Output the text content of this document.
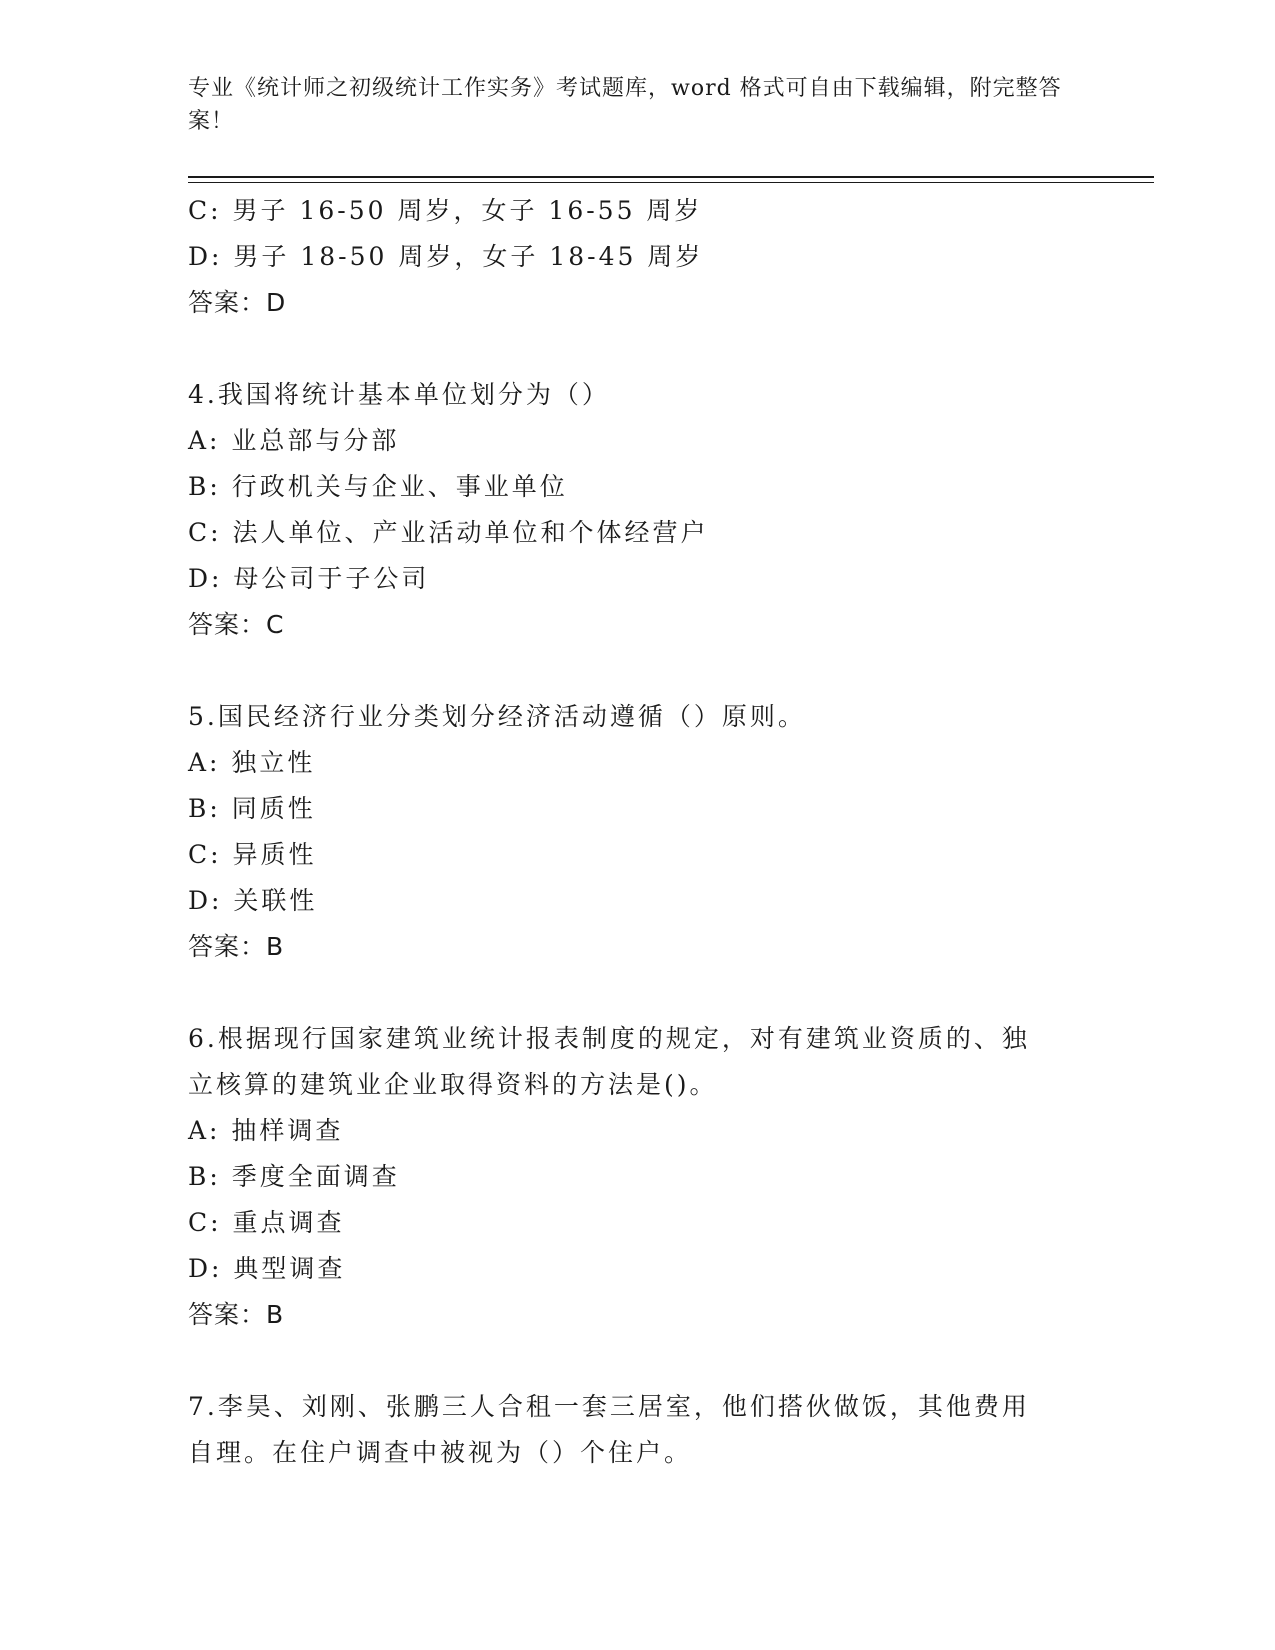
专业《统计师之初级统计工作实务》考试题库，word 格式可自由下载编辑，附完整答案！
C: 男子 16-50 周岁，女子 16-55 周岁
D: 男子 18-50 周岁，女子 18-45 周岁
答案：D
4.我国将统计基本单位划分为（）
A: 业总部与分部
B: 行政机关与企业、事业单位
C: 法人单位、产业活动单位和个体经营户
D: 母公司于子公司
答案：C
5.国民经济行业分类划分经济活动遵循（）原则。
A: 独立性
B: 同质性
C: 异质性
D: 关联性
答案：B
6.根据现行国家建筑业统计报表制度的规定，对有建筑业资质的、独
立核算的建筑业企业取得资料的方法是()。
A: 抽样调查
B: 季度全面调查
C: 重点调查
D: 典型调查
答案：B
7.李昊、刘刚、张鹏三人合租一套三居室，他们搭伙做饭，其他费用
自理。在住户调查中被视为（）个住户。
